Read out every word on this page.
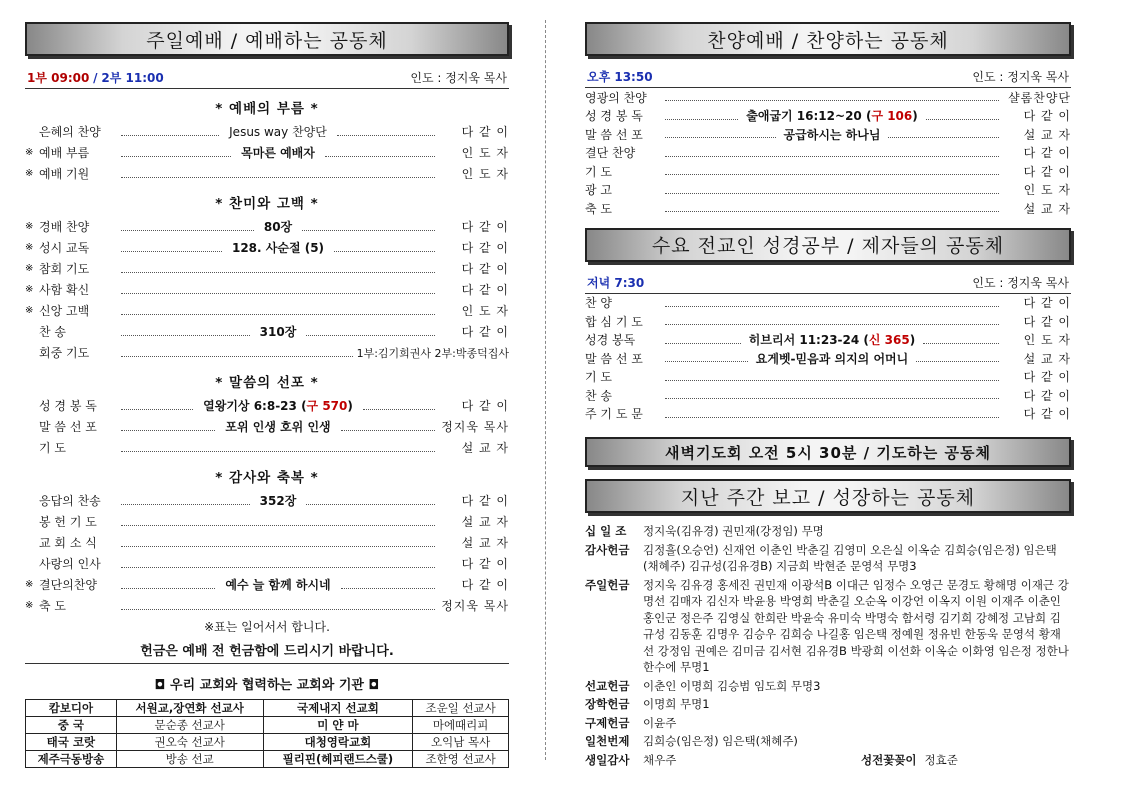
주일예배 / 예배하는 공동체
1부 09:00 / 2부 11:00	인도 : 정지욱 목사
* 예배의 부름 *
은혜의 찬양	Jesus way 찬양단	다 같 이
※ 예배 부름	목마른 예배자	인 도 자
※ 예배 기원	인 도 자
* 찬미와 고백 *
※ 경배 찬양	80장	다 같 이
※ 성시 교독	128. 사순절 (5)	다 같 이
※ 참회 기도	다 같 이
※ 사함 확신	다 같 이
※ 신앙 고백	인 도 자
찬 송	310장	다 같 이
회중 기도	1부:김기희권사 2부:박종덕집사
* 말씀의 선포 *
성 경 봉 독	열왕기상 6:8-23 (구 570)	다 같 이
말 씀 선 포	포위 인생 호위 인생	정지욱 목사
기 도	설 교 자
* 감사와 축복 *
응답의 찬송	352장	다 같 이
봉 헌 기 도	설 교 자
교 회 소 식	설 교 자
사랑의 인사	다 같 이
※ 결단의찬양	예수 늘 함께 하시네	다 같 이
※ 축 도	정지욱 목사
※표는 일어서서 합니다.
헌금은 예배 전 헌금함에 드리시기 바랍니다.
◘ 우리 교회와 협력하는 교회와 기관 ◘
캄보디아	서원교,장연화 선교사	국제내지 선교회	조운일 선교사
중 국	문순종 선교사	미 얀 마	마에때리피
태국 코랏	권오숙 선교사	대청영락교회	오익남 목사
제주극동방송	방송 선교	필리핀(헤피랜드스쿨)	조한영 선교사
찬양예배 / 찬양하는 공동체
오후 13:50	인도 : 정지욱 목사
영광의 찬양	샬롬찬양단
성 경 봉 독	출애굽기 16:12~20 (구 106)	다 같 이
말 씀 선 포	공급하시는 하나님	설 교 자
결단 찬양	다 같 이
기 도	다 같 이
광 고	인 도 자
축 도	설 교 자
수요 전교인 성경공부 / 제자들의 공동체
저녁 7:30	인도 : 정지욱 목사
찬 양	다 같 이
합 심 기 도	다 같 이
성경 봉독	히브리서 11:23-24 (신 365)	인 도 자
말 씀 선 포	요게벳-믿음과 의지의 어머니	설 교 자
기 도	다 같 이
찬 송	다 같 이
주 기 도 문	다 같 이
새벽기도회 오전 5시 30분 / 기도하는 공동체
지난 주간 보고 / 성장하는 공동체
십 일 조	정지욱(김유경) 권민재(강정임) 무명
감사헌금	김정흘(오승언) 신재언 이춘인 박춘길 김영미 오은실 이옥순 김희승(임은정) 임은택(채혜주) 김규성(김유경B) 지금희 박현준 문영석 무명3
주일헌금	정지욱 김유경 홍세진 권민재 이광석B 이대근 임정수 오영근 문경도 황해명 이재근 강명선 김매자 김신자 박윤용 박영희 박춘길 오순옥 이강언 이옥지 이원 이재주 이춘인 홍인군 정은주 김영실 한희란 박윤숙 유미숙 박명숙 함서령 김기희 강혜정 고남희 김규성 김동훈 김명우 김승우 김희승 나길홍 임은택 정예원 정유빈 한동욱 문영석 황재선 강정임 권예은 김미금 김서현 김유경B 박광희 이선화 이옥순 이화영 임은정 정한나 한수에 무명1
선교헌금	이춘인 이명희 김승범 임도희 무명3
장학헌금	이명희 무명1
구제헌금	이윤주
일천번제	김희승(임은정) 임은택(채혜주)
생일감사	채우주	성전꽃꽂이 정효준
